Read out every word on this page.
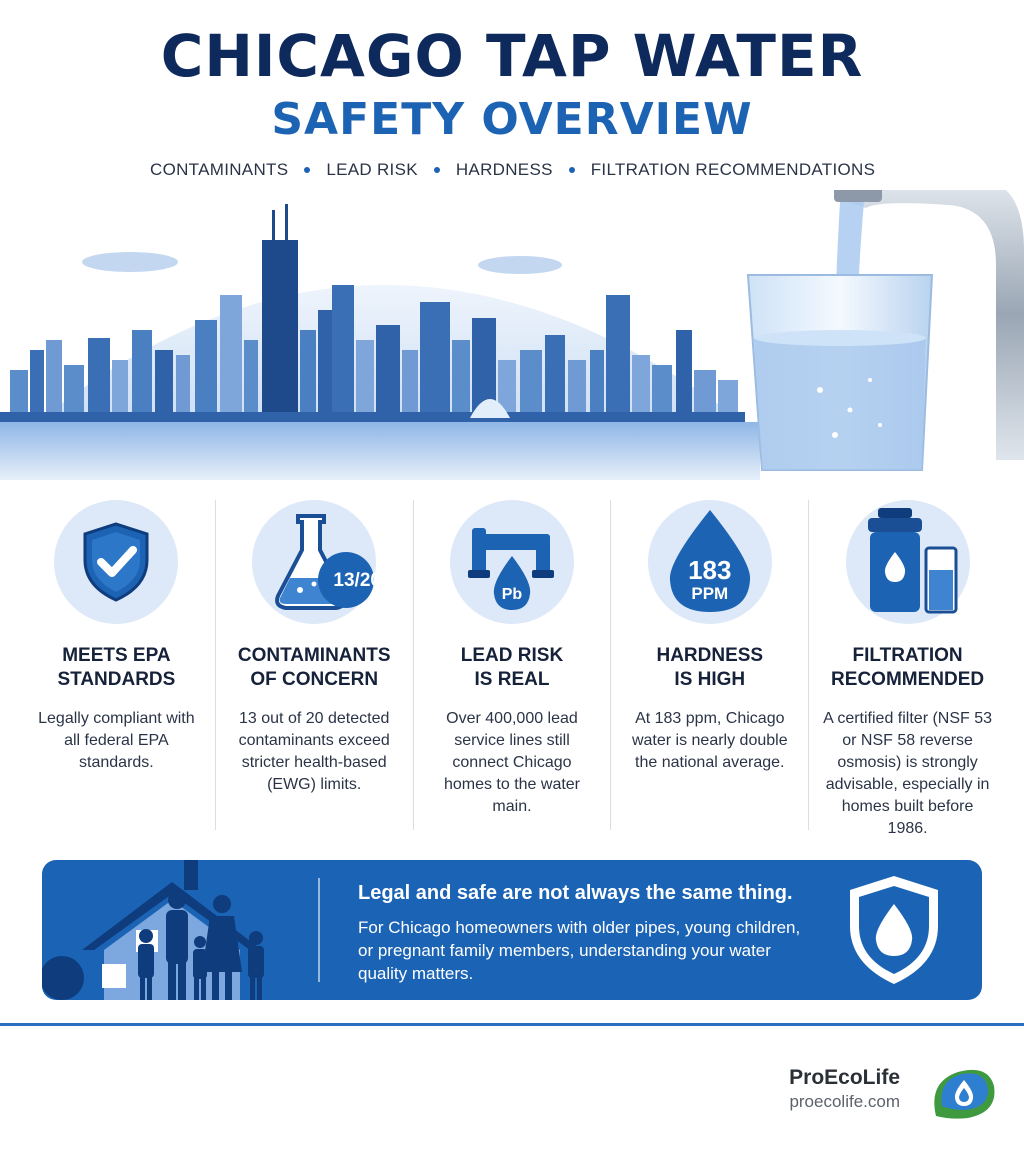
CHICAGO TAP WATER
SAFETY OVERVIEW
CONTAMINANTS LEAD RISK HARDNESS FILTRATION RECOMMENDATIONS
MEETS EPA
STANDARDS
Legally compliant with all federal EPA standards.
13/20
CONTAMINANTS
OF CONCERN
13 out of 20 detected contaminants exceed stricter health-based (EWG) limits.
Pb
LEAD RISK
IS REAL
Over 400,000 lead service lines still connect Chicago homes to the water main.
183
PPM
HARDNESS
IS HIGH
At 183 ppm, Chicago water is nearly double the national average.
FILTRATION
RECOMMENDED
A certified filter (NSF 53 or NSF 58 reverse osmosis) is strongly advisable, especially in homes built before 1986.
Legal and safe are not always the same thing.
For Chicago homeowners with older pipes, young children, or pregnant family members, understanding your water quality matters.
ProEcoLife
proecolife.com
